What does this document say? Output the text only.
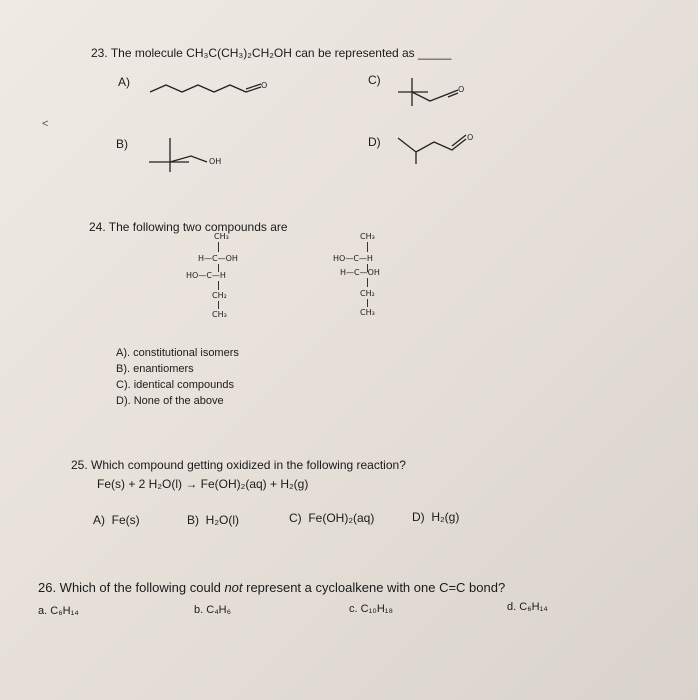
23. The molecule CH₃C(CH₃)₂CH₂OH can be represented as _____
A)	O	C)
O
<
B)
OH
D)	O
24. The following two compounds are
CH₃
H—C—OH
HO—C—H
CH₂
CH₃
CH₃
HO—C—H
H—C—OH
CH₂
CH₃
A). constitutional isomers
B). enantiomers
C). identical compounds
D). None of the above
25. Which compound getting oxidized in the following reaction?
Fe(s) + 2 H₂O(l) → Fe(OH)₂(aq) + H₂(g)
A) Fe(s)	B) H₂O(l)	C) Fe(OH)₂(aq)	D) H₂(g)
26. Which of the following could not represent a cycloalkene with one C=C bond?
a. C₆H₁₄	b. C₄H₆	c. C₁₀H₁₈	d. C₆H₁₄
